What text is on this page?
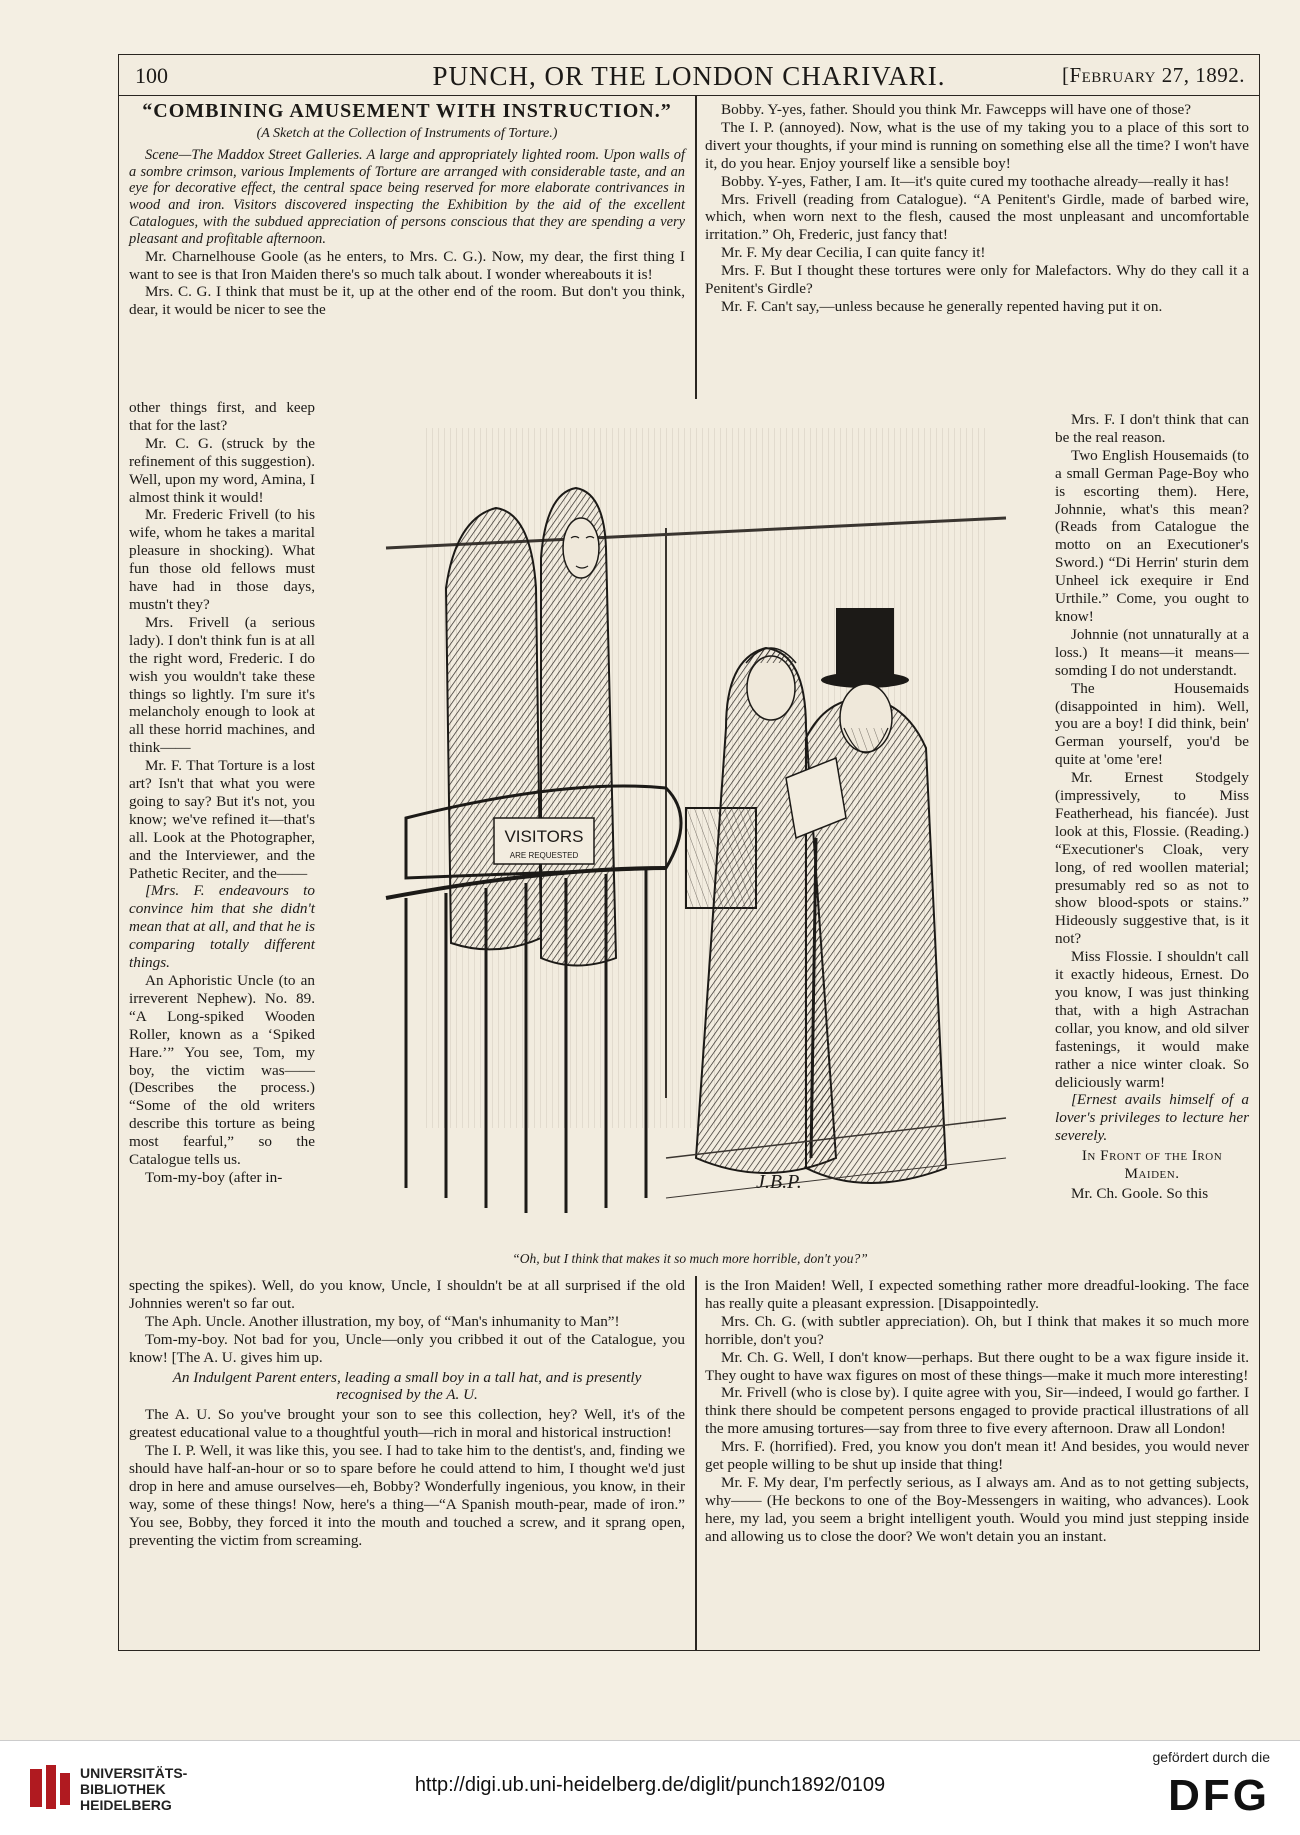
100	PUNCH, OR THE LONDON CHARIVARI.	[February 27, 1892.

“COMBINING AMUSEMENT WITH INSTRUCTION.”

(A Sketch at the Collection of Instruments of Torture.)

Scene—The Maddox Street Galleries. A large and appropriately lighted room. Upon walls of a sombre crimson, various Implements of Torture are arranged with considerable taste, and an eye for decorative effect, the central space being reserved for more elaborate contrivances in wood and iron. Visitors discovered inspecting the Exhibition by the aid of the excellent Catalogues, with the subdued appreciation of persons conscious that they are spending a very pleasant and profitable afternoon.

Mr. Charnelhouse Goole (as he enters, to Mrs. C. G.). Now, my dear, the first thing I want to see is that Iron Maiden there's so much talk about. I wonder whereabouts it is!

Mrs. C. G. I think that must be it, up at the other end of the room. But don't you think, dear, it would be nicer to see the

other things first, and keep that for the last?

Mr. C. G. (struck by the refinement of this suggestion). Well, upon my word, Amina, I almost think it would!

Mr. Frederic Frivell (to his wife, whom he takes a marital pleasure in shocking). What fun those old fellows must have had in those days, mustn't they?

Mrs. Frivell (a serious lady). I don't think fun is at all the right word, Frederic. I do wish you wouldn't take these things so lightly. I'm sure it's melancholy enough to look at all these horrid machines, and think——

Mr. F. That Torture is a lost art? Isn't that what you were going to say? But it's not, you know; we've refined it—that's all. Look at the Photographer, and the Interviewer, and the Pathetic Reciter, and the——

[Mrs. F. endeavours to convince him that she didn't mean that at all, and that he is comparing totally different things.

An Aphoristic Uncle (to an irreverent Nephew). No. 89. “A Long-spiked Wooden Roller, known as a ‘Spiked Hare.’” You see, Tom, my boy, the victim was—— (Describes the process.) “Some of the old writers describe this torture as being most fearful,” so the Catalogue tells us.

Tom-my-boy (after in-

specting the spikes). Well, do you know, Uncle, I shouldn't be at all surprised if the old Johnnies weren't so far out.

The Aph. Uncle. Another illustration, my boy, of “Man's inhumanity to Man”!

Tom-my-boy. Not bad for you, Uncle—only you cribbed it out of the Catalogue, you know! [The A. U. gives him up.

An Indulgent Parent enters, leading a small boy in a tall hat, and is presently recognised by the A. U.

The A. U. So you've brought your son to see this collection, hey? Well, it's of the greatest educational value to a thoughtful youth—rich in moral and historical instruction!

The I. P. Well, it was like this, you see. I had to take him to the dentist's, and, finding we should have half-an-hour or so to spare before he could attend to him, I thought we'd just drop in here and amuse ourselves—eh, Bobby? Wonderfully ingenious, you know, in their way, some of these things! Now, here's a thing—“A Spanish mouth-pear, made of iron.” You see, Bobby, they forced it into the mouth and touched a screw, and it sprang open, preventing the victim from screaming.

Bobby. Y-yes, father. Should you think Mr. Fawcepps will have one of those?

The I. P. (annoyed). Now, what is the use of my taking you to a place of this sort to divert your thoughts, if your mind is running on something else all the time? I won't have it, do you hear. Enjoy yourself like a sensible boy!

Bobby. Y-yes, Father, I am. It—it's quite cured my toothache already—really it has!

Mrs. Frivell (reading from Catalogue). “A Penitent's Girdle, made of barbed wire, which, when worn next to the flesh, caused the most unpleasant and uncomfortable irritation.” Oh, Frederic, just fancy that!

Mr. F. My dear Cecilia, I can quite fancy it!

Mrs. F. But I thought these tortures were only for Malefactors. Why do they call it a Penitent's Girdle?

Mr. F. Can't say,—unless because he generally repented having put it on.

Mrs. F. I don't think that can be the real reason.

Two English Housemaids (to a small German Page-Boy who is escorting them). Here, Johnnie, what's this mean? (Reads from Catalogue the motto on an Executioner's Sword.) “Di Herrin' sturin dem Unheel ick exequire ir End Urthile.” Come, you ought to know!

Johnnie (not unnaturally at a loss.) It means—it means—somding I do not understandt.

The Housemaids (disappointed in him). Well, you are a boy! I did think, bein' German yourself, you'd be quite at 'ome 'ere!

Mr. Ernest Stodgely (impressively, to Miss Featherhead, his fiancée). Just look at this, Flossie. (Reading.) “Executioner's Cloak, very long, of red woollen material; presumably red so as not to show blood-spots or stains.” Hideously suggestive that, is it not?

Miss Flossie. I shouldn't call it exactly hideous, Ernest. Do you know, I was just thinking that, with a high Astrachan collar, you know, and old silver fastenings, it would make rather a nice winter cloak. So deliciously warm!

[Ernest avails himself of a lover's privileges to lecture her severely.

In Front of the Iron Maiden.

Mr. Ch. Goole. So this

is the Iron Maiden! Well, I expected something rather more dreadful-looking. The face has really quite a pleasant expression. [Disappointedly.

Mrs. Ch. G. (with subtler appreciation). Oh, but I think that makes it so much more horrible, don't you?

Mr. Ch. G. Well, I don't know—perhaps. But there ought to be a wax figure inside it. They ought to have wax figures on most of these things—make it much more interesting!

Mr. Frivell (who is close by). I quite agree with you, Sir—indeed, I would go farther. I think there should be competent persons engaged to provide practical illustrations of all the more amusing tortures—say from three to five every afternoon. Draw all London!

Mrs. F. (horrified). Fred, you know you don't mean it! And besides, you would never get people willing to be shut up inside that thing!

Mr. F. My dear, I'm perfectly serious, as I always am. And as to not getting subjects, why—— (He beckons to one of the Boy-Messengers in waiting, who advances). Look here, my lad, you seem a bright intelligent youth. Would you mind just stepping inside and allowing us to close the door? We won't detain you an instant.

VISITORS
ARE REQUESTED
J.B.P.
“Oh, but I think that makes it so much more horrible, don't you?”
UNIVERSITÄTS-
BIBLIOTHEK
HEIDELBERG
http://digi.ub.uni-heidelberg.de/diglit/punch1892/0109
gefördert durch die
DFG
